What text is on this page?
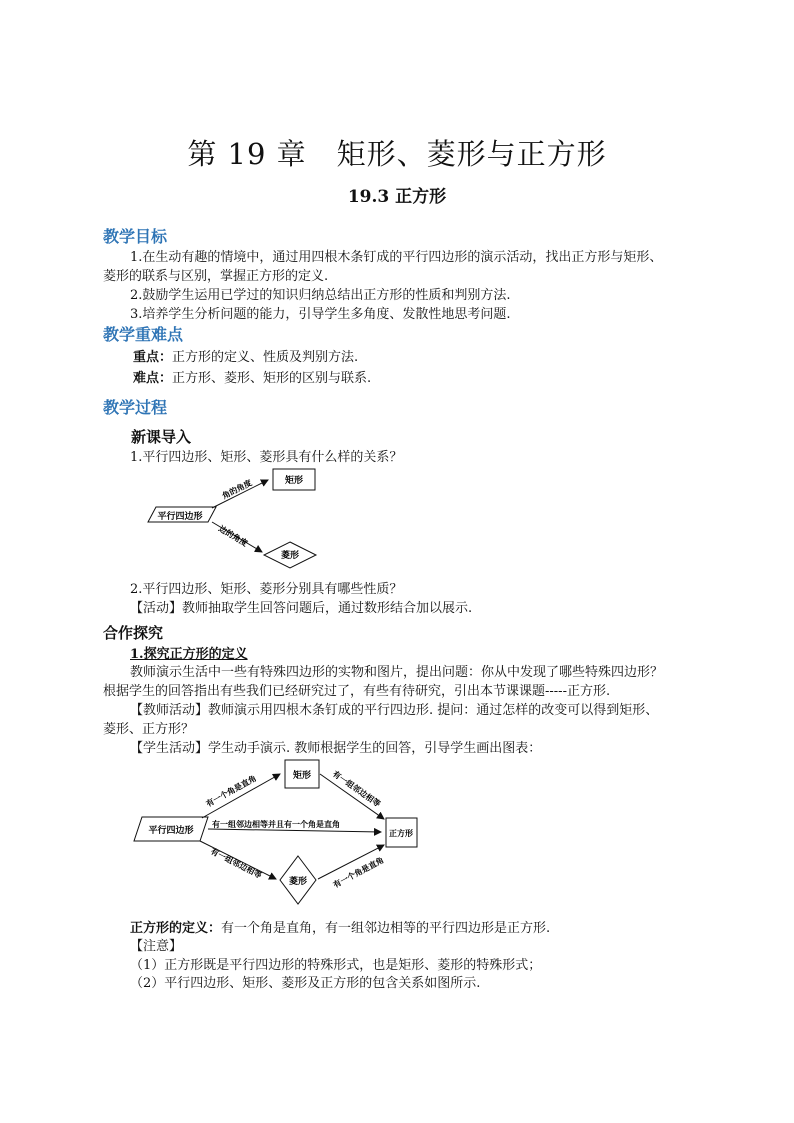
第 19 章　矩形、菱形与正方形
19.3 正方形
教学目标
1.在生动有趣的情境中，通过用四根木条钉成的平行四边形的演示活动，找出正方形与矩形、
菱形的联系与区别，掌握正方形的定义.
2.鼓励学生运用已学过的知识归纳总结出正方形的性质和判别方法.
3.培养学生分析问题的能力，引导学生多角度、发散性地思考问题.
教学重难点
重点：正方形的定义、性质及判别方法.
难点：正方形、菱形、矩形的区别与联系.
教学过程
新课导入
1.平行四边形、矩形、菱形具有什么样的关系？
平行四边形
矩形
菱形
角的角度
边的角度
2.平行四边形、矩形、菱形分别具有哪些性质？
【活动】教师抽取学生回答问题后，通过数形结合加以展示.
合作探究
1.探究正方形的定义
教师演示生活中一些有特殊四边形的实物和图片，提出问题：你从中发现了哪些特殊四边形？
根据学生的回答指出有些我们已经研究过了，有些有待研究，引出本节课课题-----正方形.
【教师活动】教师演示用四根木条钉成的平行四边形. 提问：通过怎样的改变可以得到矩形、
菱形、正方形？
【学生活动】学生动手演示. 教师根据学生的回答，引导学生画出图表：
平行四边形
矩形
菱形
正方形
有一个角是直角	有一组邻边相等
有一组邻边相等并且有一个角是直角
有一组邻边相等	有一个角是直角
正方形的定义：有一个角是直角，有一组邻边相等的平行四边形是正方形.
【注意】
（1）正方形既是平行四边形的特殊形式，也是矩形、菱形的特殊形式；
（2）平行四边形、矩形、菱形及正方形的包含关系如图所示.
